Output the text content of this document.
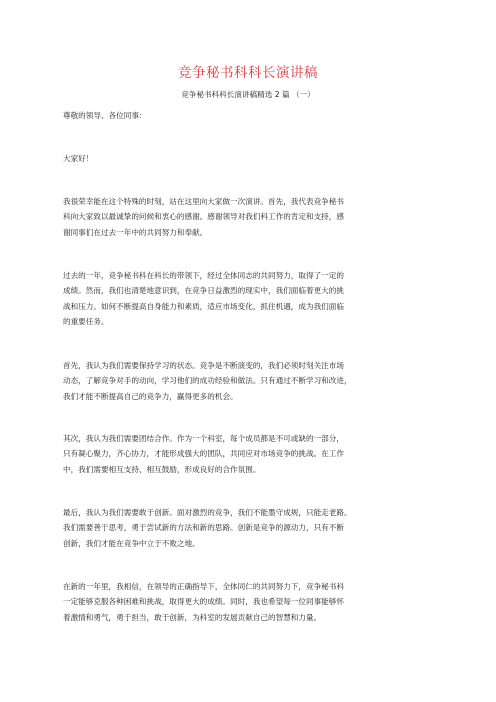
竞争秘书科科长演讲稿
竞争秘书科科长演讲稿精选 2 篇 （一）
尊敬的领导、各位同事：
大家好！
我很荣幸能在这个特殊的时刻，站在这里向大家做一次演讲。首先，我代表竞争秘书
科向大家致以最诚挚的问候和衷心的感谢。感谢领导对我们科工作的肯定和支持，感
谢同事们在过去一年中的共同努力和奉献。
过去的一年，竞争秘书科在科长的带领下，经过全体同志的共同努力，取得了一定的
成绩。然而，我们也清楚地意识到，在竞争日益激烈的现实中，我们面临着更大的挑
战和压力。如何不断提高自身能力和素质，适应市场变化，抓住机遇，成为我们面临
的重要任务。
首先，我认为我们需要保持学习的状态。竞争是不断演变的，我们必须时刻关注市场
动态，了解竞争对手的动向，学习他们的成功经验和做法。只有通过不断学习和改进，
我们才能不断提高自己的竞争力，赢得更多的机会。
其次，我认为我们需要团结合作。作为一个科室，每个成员都是不可或缺的一部分，
只有凝心聚力，齐心协力，才能形成强大的团队，共同应对市场竞争的挑战。在工作
中，我们需要相互支持、相互鼓励，形成良好的合作氛围。
最后，我认为我们需要敢于创新。面对激烈的竞争，我们不能墨守成规，只能走老路。
我们需要善于思考，勇于尝试新的方法和新的思路。创新是竞争的源动力，只有不断
创新，我们才能在竞争中立于不败之地。
在新的一年里，我相信，在领导的正确指导下，全体同仁的共同努力下，竞争秘书科
一定能够克服各种困难和挑战，取得更大的成绩。同时，我也希望每一位同事能够怀
着激情和勇气，勇于担当，敢于创新，为科室的发展贡献自己的智慧和力量。
